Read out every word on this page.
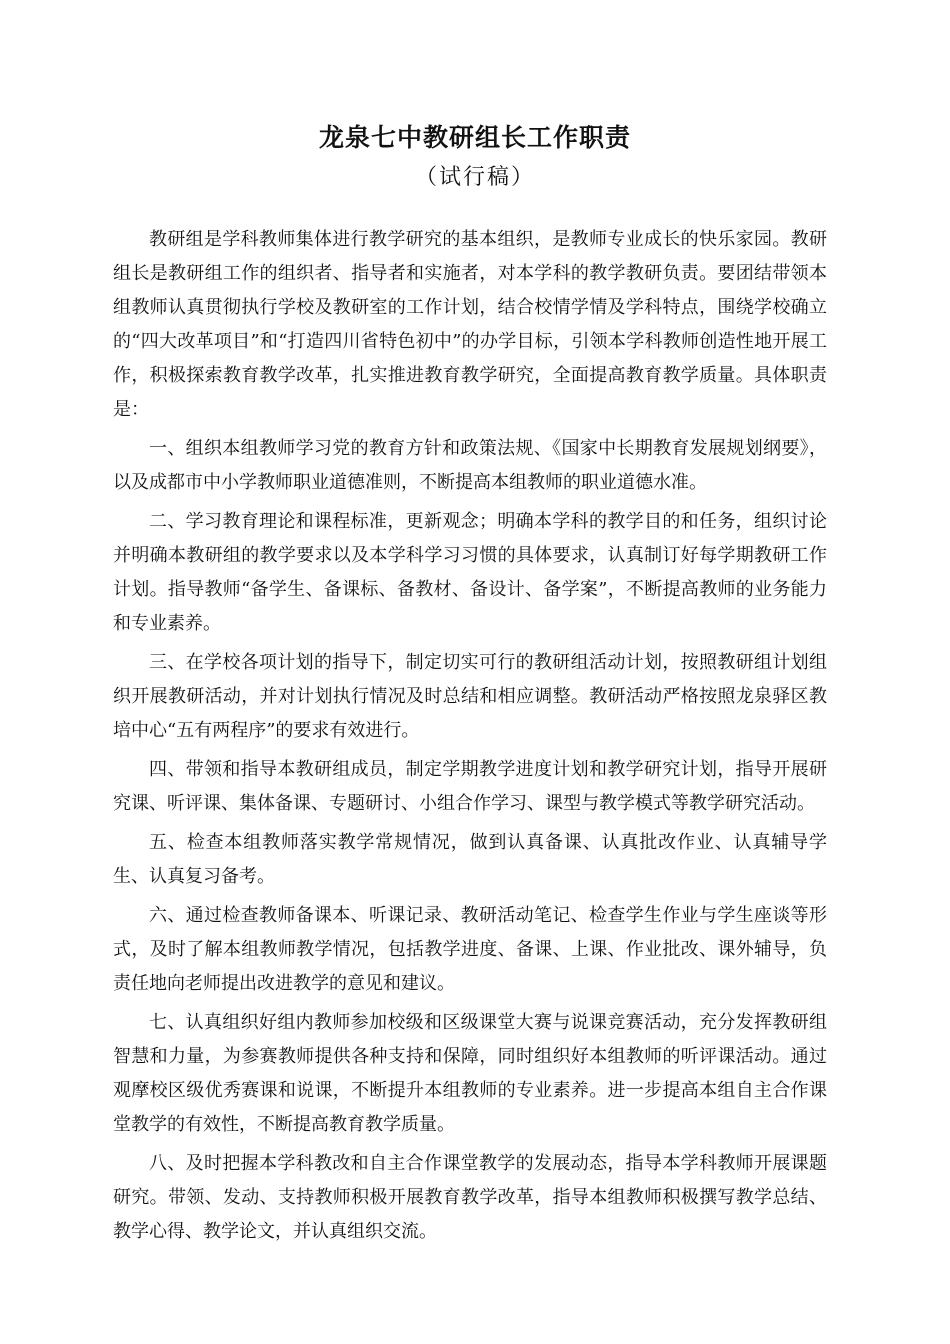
龙泉七中教研组长工作职责
（试行稿）

教研组是学科教师集体进行教学研究的基本组织，是教师专业成长的快乐家园。教研组长是教研组工作的组织者、指导者和实施者，对本学科的教学教研负责。要团结带领本组教师认真贯彻执行学校及教研室的工作计划，结合校情学情及学科特点，围绕学校确立的“四大改革项目”和“打造四川省特色初中”的办学目标，引领本学科教师创造性地开展工作，积极探索教育教学改革，扎实推进教育教学研究，全面提高教育教学质量。具体职责是：

一、组织本组教师学习党的教育方针和政策法规、《国家中长期教育发展规划纲要》，以及成都市中小学教师职业道德准则，不断提高本组教师的职业道德水准。

二、学习教育理论和课程标准，更新观念；明确本学科的教学目的和任务，组织讨论并明确本教研组的教学要求以及本学科学习习惯的具体要求，认真制订好每学期教研工作计划。指导教师“备学生、备课标、备教材、备设计、备学案”，不断提高教师的业务能力和专业素养。

三、在学校各项计划的指导下，制定切实可行的教研组活动计划，按照教研组计划组织开展教研活动，并对计划执行情况及时总结和相应调整。教研活动严格按照龙泉驿区教培中心“五有两程序”的要求有效进行。

四、带领和指导本教研组成员，制定学期教学进度计划和教学研究计划，指导开展研究课、听评课、集体备课、专题研讨、小组合作学习、课型与教学模式等教学研究活动。

五、检查本组教师落实教学常规情况，做到认真备课、认真批改作业、认真辅导学生、认真复习备考。

六、通过检查教师备课本、听课记录、教研活动笔记、检查学生作业与学生座谈等形式，及时了解本组教师教学情况，包括教学进度、备课、上课、作业批改、课外辅导，负责任地向老师提出改进教学的意见和建议。

七、认真组织好组内教师参加校级和区级课堂大赛与说课竞赛活动，充分发挥教研组智慧和力量，为参赛教师提供各种支持和保障，同时组织好本组教师的听评课活动。通过观摩校区级优秀赛课和说课，不断提升本组教师的专业素养。进一步提高本组自主合作课堂教学的有效性，不断提高教育教学质量。

八、及时把握本学科教改和自主合作课堂教学的发展动态，指导本学科教师开展课题研究。带领、发动、支持教师积极开展教育教学改革，指导本组教师积极撰写教学总结、教学心得、教学论文，并认真组织交流。
